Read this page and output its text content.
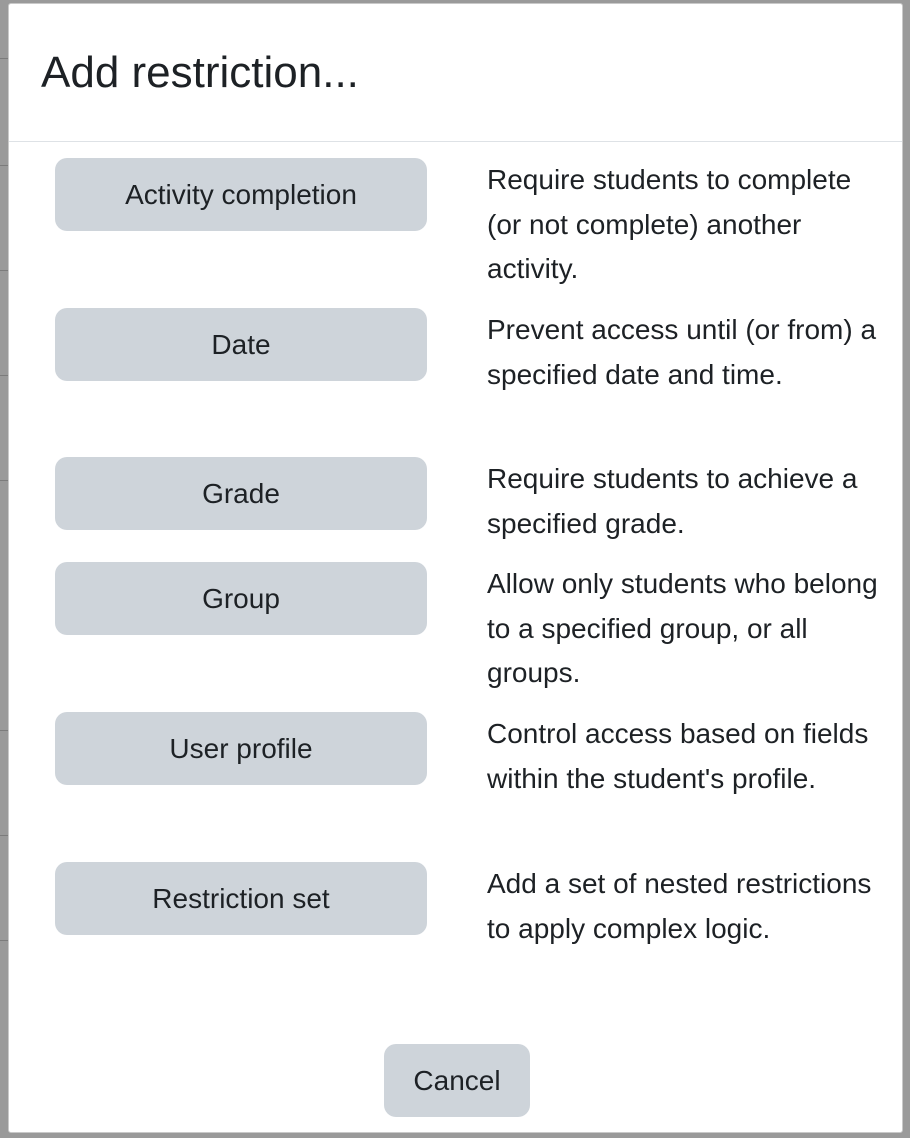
Add restriction...
Activity completion	Require students to complete (or not complete) another activity.

Date	Prevent access until (or from) a specified date and time.

Grade	Require students to achieve a specified grade.

Group	Allow only students who belong to a specified group, or all groups.

User profile	Control access based on fields within the student's profile.

Restriction set	Add a set of nested restrictions to apply complex logic.

Cancel
